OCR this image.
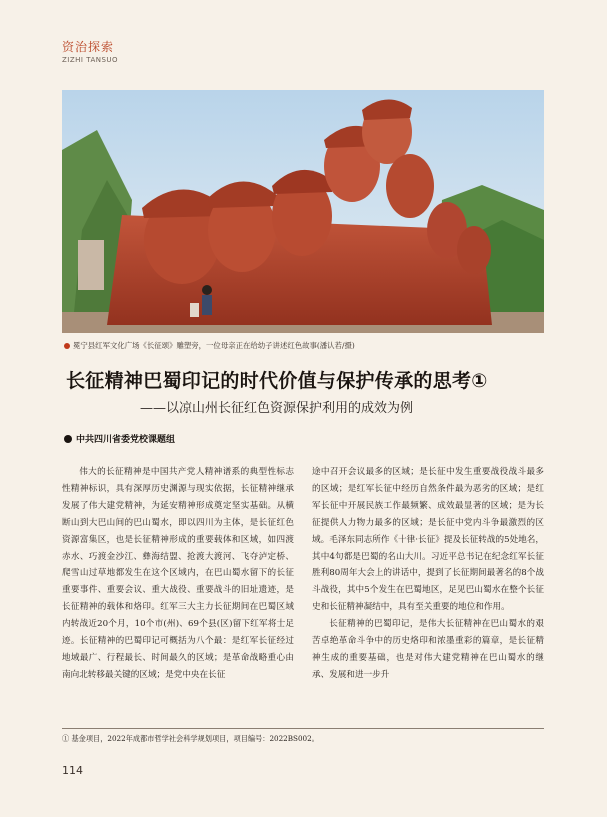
资治探索
ZIZHI TANSUO
冕宁县红军文化广场《长征颂》雕塑旁，一位母亲正在给幼子讲述红色故事(潘认若/摄)
长征精神巴蜀印记的时代价值与保护传承的思考①
——以凉山州长征红色资源保护利用的成效为例
中共四川省委党校课题组

伟大的长征精神是中国共产党人精神谱系的典型性标志性精神标识，具有深厚历史渊源与现实依据，长征精神继承发展了伟大建党精神，为延安精神形成奠定坚实基础。从横断山到大巴山间的巴山蜀水，即以四川为主体，是长征红色资源富集区，也是长征精神形成的重要载体和区域，如四渡赤水、巧渡金沙江、彝海结盟、抢渡大渡河、飞夺泸定桥、爬雪山过草地都发生在这个区域内，在巴山蜀水留下的长征重要事件、重要会议、重大战役、重要战斗的旧址遗迹，是长征精神的载体和烙印。红军三大主力长征期间在巴蜀区域内转战近20个月，10个市(州)、69个县(区)留下红军将士足迹。长征精神的巴蜀印记可概括为八个最：是红军长征经过地域最广、行程最长、时间最久的区域；是革命战略重心由南向北转移最关键的区域；是党中央在长征

途中召开会议最多的区域；是长征中发生重要战役战斗最多的区域；是红军长征中经历自然条件最为恶劣的区域；是红军长征中开展民族工作最频繁、成效最显著的区域；是为长征提供人力物力最多的区域；是长征中党内斗争最激烈的区域。毛泽东同志所作《十律·长征》提及长征转战的5处地名，其中4句都是巴蜀的名山大川。习近平总书记在纪念红军长征胜利80周年大会上的讲话中，提到了长征期间最著名的8个战斗战役，其中5个发生在巴蜀地区，足见巴山蜀水在整个长征史和长征精神凝结中，具有至关重要的地位和作用。

长征精神的巴蜀印记，是伟大长征精神在巴山蜀水的艰苦卓绝革命斗争中的历史烙印和浓墨重彩的篇章，是长征精神生成的重要基础，也是对伟大建党精神在巴山蜀水的继承、发展和进一步升

① 基金项目，2022年成都市哲学社会科学规划项目，项目编号：2022BS002。
114
